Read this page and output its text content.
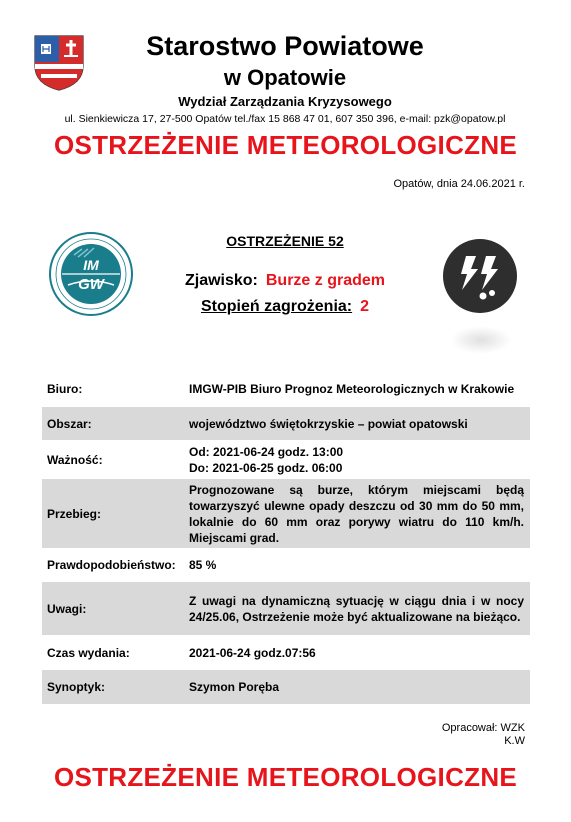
Starostwo Powiatowe
w Opatowie
Wydział Zarządzania Kryzysowego
ul. Sienkiewicza 17, 27-500 Opatów tel./fax 15 868 47 01, 607 350 396, e-mail: pzk@opatow.pl
OSTRZEŻENIE METEOROLOGICZNE
Opatów, dnia 24.06.2021 r.
IM
GW
OSTRZEŻENIE 52
Zjawisko: Burze z gradem
Stopień zagrożenia: 2
Biuro:	IMGW-PIB Biuro Prognoz Meteorologicznych w Krakowie
Obszar:	województwo świętokrzyskie – powiat opatowski
Ważność:
Od: 2021-06-24 godz. 13:00
Do: 2021-06-25 godz. 06:00
Przebieg:

Prognozowane są burze, którym miejscami będą towarzyszyć ulewne opady deszczu od 30 mm do 50 mm, lokalnie do 60 mm oraz porywy wiatru do 110 km/h. Miejscami grad.

Prawdopodobieństwo:	85 %
Uwagi:

Z uwagi na dynamiczną sytuację w ciągu dnia i w nocy 24/25.06, Ostrzeżenie może być aktualizowane na bieżąco.

Czas wydania:	2021-06-24 godz.07:56
Synoptyk:	Szymon Poręba
Opracował: WZK
K.W
OSTRZEŻENIE METEOROLOGICZNE
